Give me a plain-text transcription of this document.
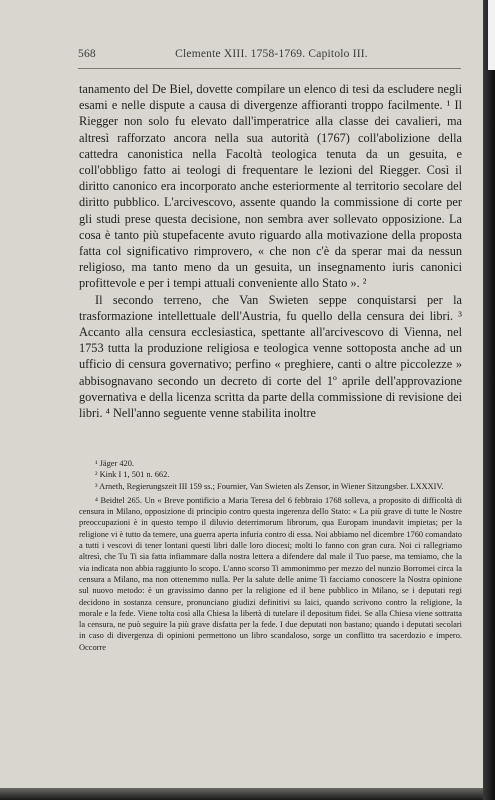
568	Clemente XIII. 1758-1769. Capitolo III.

tanamento del De Biel, dovette compilare un elenco di tesi da escludere negli esami e nelle dispute a causa di divergenze affioranti troppo facilmente. ¹ Il Riegger non solo fu elevato dall'imperatrice alla classe dei cavalieri, ma altresì rafforzato ancora nella sua autorità (1767) coll'abolizione della cattedra canonistica nella Facoltà teologica tenuta da un gesuita, e coll'obbligo fatto ai teologi di frequentare le lezioni del Riegger. Così il diritto canonico era incorporato anche esteriormente al territorio secolare del diritto pubblico. L'arcivescovo, assente quando la commissione di corte per gli studi prese questa decisione, non sembra aver sollevato opposizione. La cosa è tanto più stupefacente avuto riguardo alla motivazione della proposta fatta col significativo rimprovero, « che non c'è da sperar mai da nessun religioso, ma tanto meno da un gesuita, un insegnamento iuris canonici profittevole e per i tempi attuali conveniente allo Stato ». ²

Il secondo terreno, che Van Swieten seppe conquistarsi per la trasformazione intellettuale dell'Austria, fu quello della censura dei libri. ³ Accanto alla censura ecclesiastica, spettante all'arcivescovo di Vienna, nel 1753 tutta la produzione religiosa e teologica venne sottoposta anche ad un ufficio di censura governativo; perfino « preghiere, canti o altre piccolezze » abbisognavano secondo un decreto di corte del 1º aprile dell'approvazione governativa e della licenza scritta da parte della commissione di revisione dei libri. ⁴ Nell'anno seguente venne stabilita inoltre

¹ Jäger 420.

² Kink I 1, 501 n. 662.

³ Arneth, Regierungszeit III 159 ss.; Fournier, Van Swieten als Zensor, in Wiener Sitzungsber. LXXXIV.

⁴ Beidtel 265. Un « Breve pontificio a Maria Teresa del 6 febbraio 1768 solleva, a proposito di difficoltà di censura in Milano, opposizione di principio contro questa ingerenza dello Stato: « La più grave di tutte le Nostre preoccupazioni è in questo tempo il diluvio deterrimorum librorum, qua Europam inundavit impietas; per la religione vi è tutto da temere, una guerra aperta infuria contro di essa. Noi abbiamo nel dicembre 1760 comandato a tutti i vescovi di tener lontani questi libri dalle loro diocesi; molti lo fanno con gran cura. Noi ci rallegriamo altresì, che Tu Ti sia fatta infiammare dalla nostra lettera a difendere dal male il Tuo paese, ma temiamo, che la via indicata non abbia raggiunto lo scopo. L'anno scorso Ti ammonimmo per mezzo del nunzio Borromei circa la censura a Milano, ma non ottenemmo nulla. Per la salute delle anime Ti facciamo conoscere la Nostra opinione sul nuovo metodo: è un gravissimo danno per la religione ed il bene pubblico in Milano, se i deputati regi decidono in sostanza censure, pronunciano giudizi definitivi su laici, quando scrivono contro la religione, la morale e la fede. Viene tolta così alla Chiesa la libertà di tutelare il depositum fidei. Se alla Chiesa viene sottratta la censura, ne può seguire la più grave disfatta per la fede. I due deputati non bastano; quando i deputati secolari in caso di divergenza di opinioni permettono un libro scandaloso, sorge un conflitto tra sacerdozio e impero. Occorre
